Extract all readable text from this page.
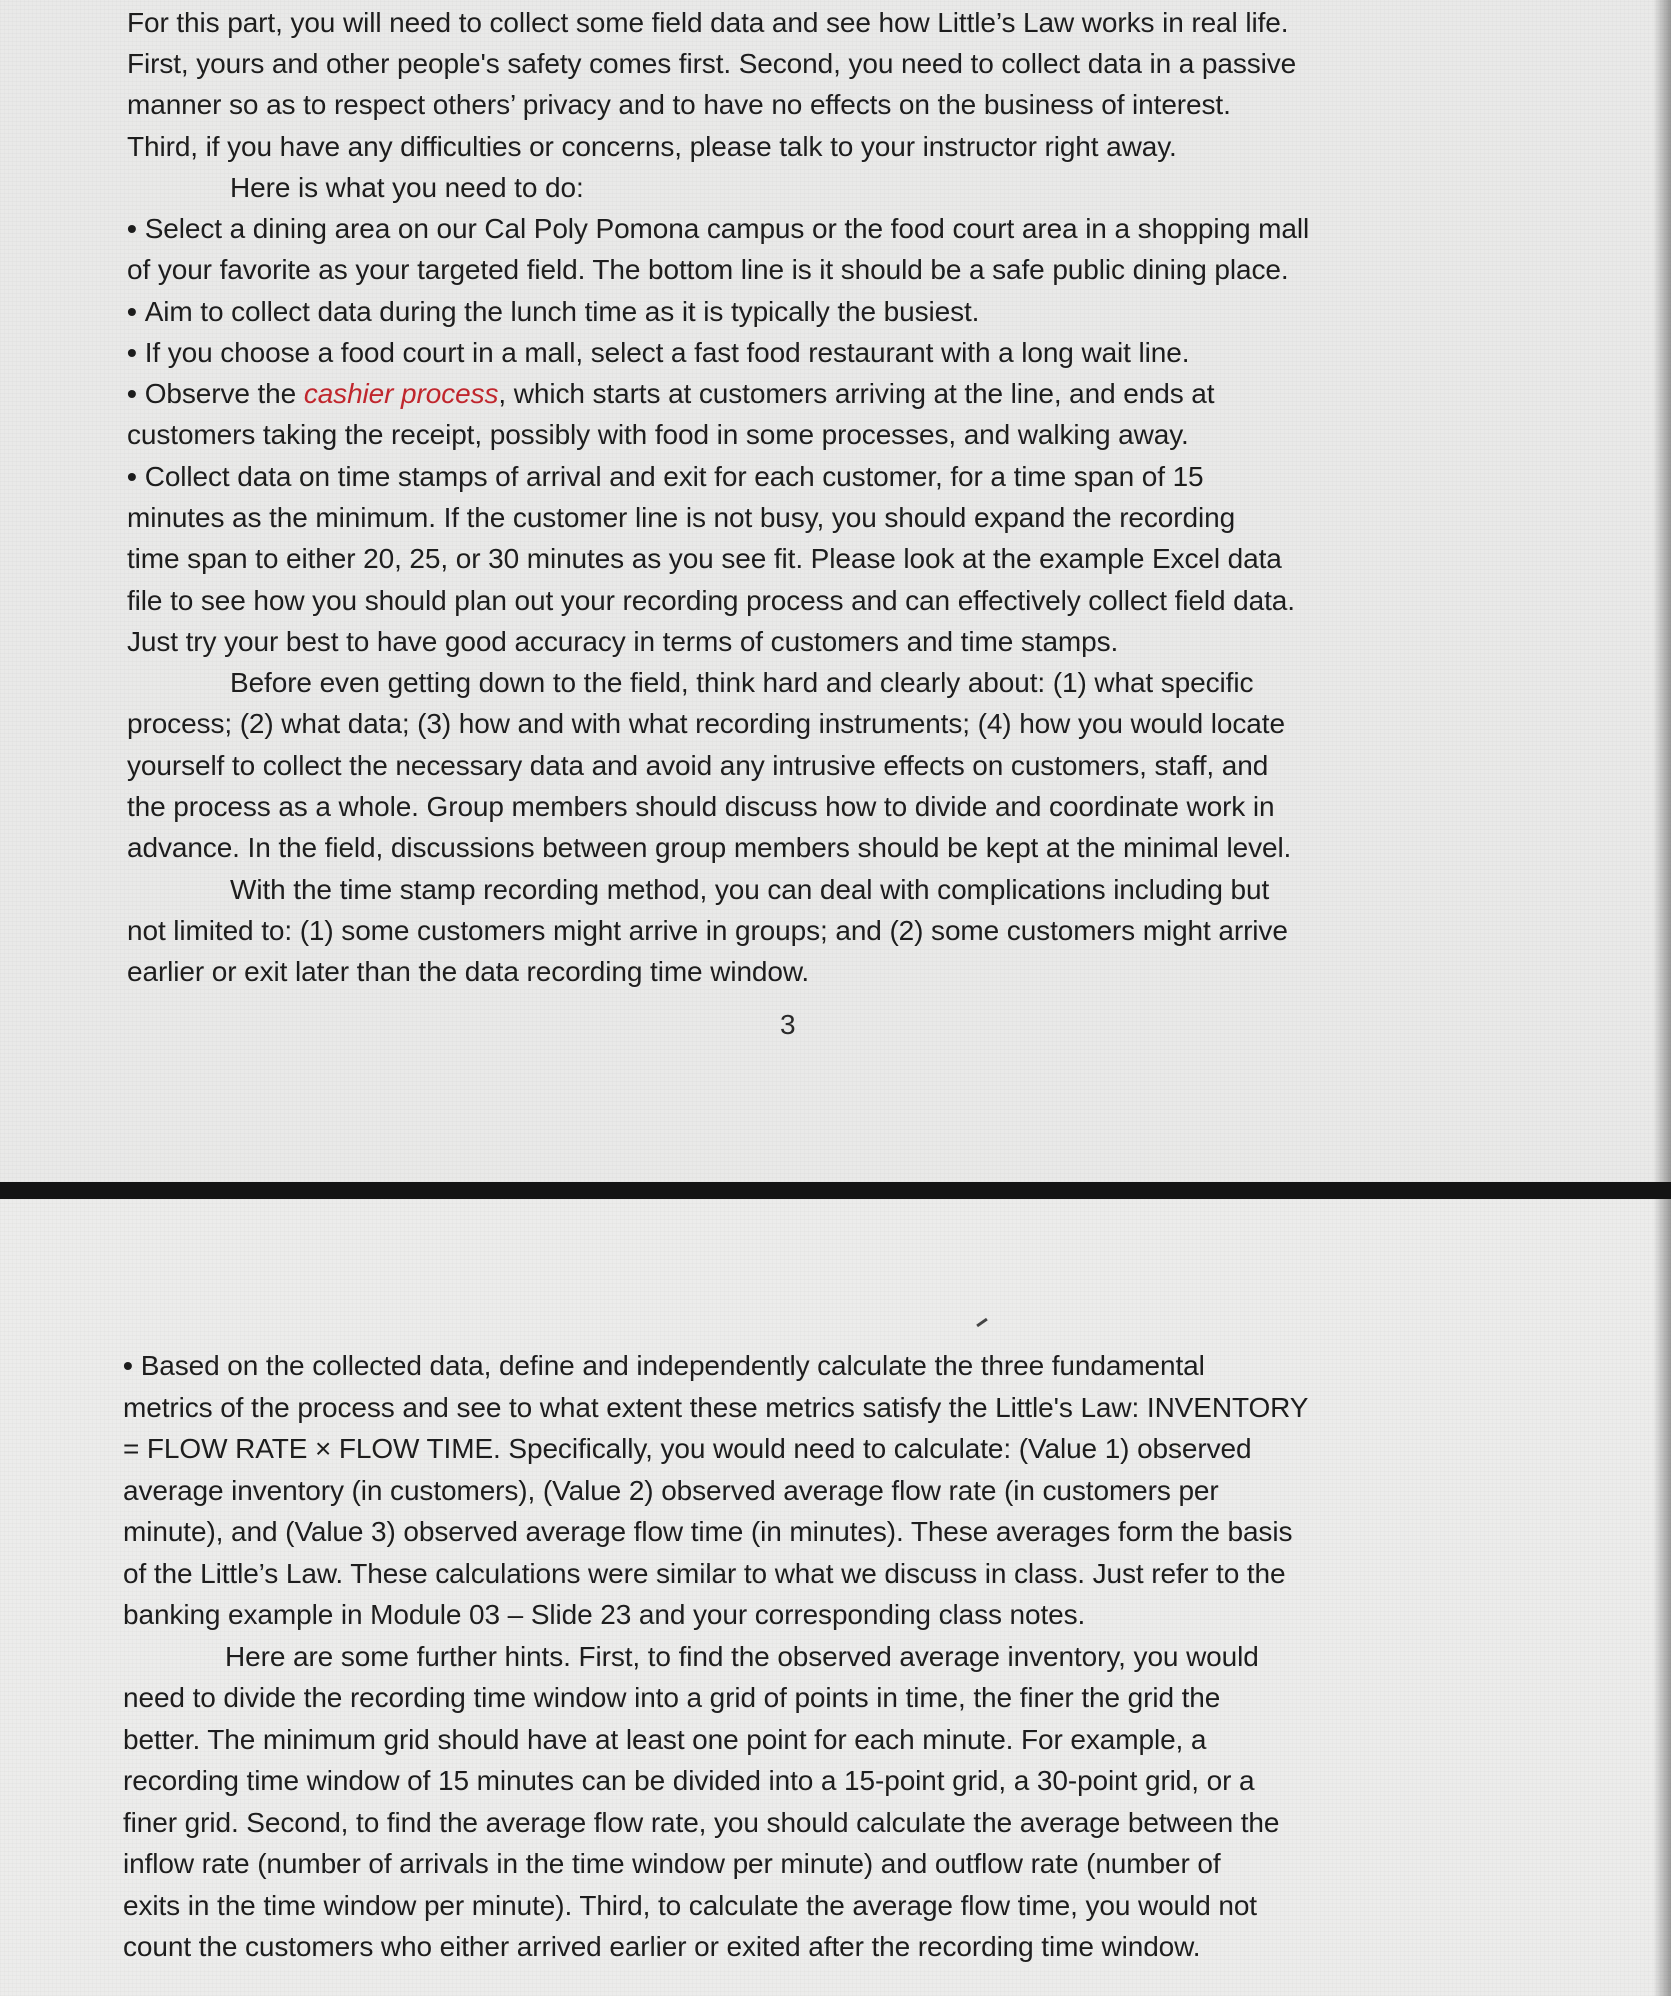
For this part, you will need to collect some field data and see how Little’s Law works in real life.
First, yours and other people's safety comes first. Second, you need to collect data in a passive
manner so as to respect others’ privacy and to have no effects on the business of interest.
Third, if you have any difficulties or concerns, please talk to your instructor right away.
Here is what you need to do:
• Select a dining area on our Cal Poly Pomona campus or the food court area in a shopping mall
of your favorite as your targeted field. The bottom line is it should be a safe public dining place.
• Aim to collect data during the lunch time as it is typically the busiest.
• If you choose a food court in a mall, select a fast food restaurant with a long wait line.
• Observe the cashier process, which starts at customers arriving at the line, and ends at
customers taking the receipt, possibly with food in some processes, and walking away.
• Collect data on time stamps of arrival and exit for each customer, for a time span of 15
minutes as the minimum. If the customer line is not busy, you should expand the recording
time span to either 20, 25, or 30 minutes as you see fit. Please look at the example Excel data
file to see how you should plan out your recording process and can effectively collect field data.
Just try your best to have good accuracy in terms of customers and time stamps.
Before even getting down to the field, think hard and clearly about: (1) what specific
process; (2) what data; (3) how and with what recording instruments; (4) how you would locate
yourself to collect the necessary data and avoid any intrusive effects on customers, staff, and
the process as a whole. Group members should discuss how to divide and coordinate work in
advance. In the field, discussions between group members should be kept at the minimal level.
With the time stamp recording method, you can deal with complications including but
not limited to: (1) some customers might arrive in groups; and (2) some customers might arrive
earlier or exit later than the data recording time window.
3
• Based on the collected data, define and independently calculate the three fundamental
metrics of the process and see to what extent these metrics satisfy the Little's Law: INVENTORY
= FLOW RATE × FLOW TIME. Specifically, you would need to calculate: (Value 1) observed
average inventory (in customers), (Value 2) observed average flow rate (in customers per
minute), and (Value 3) observed average flow time (in minutes). These averages form the basis
of the Little’s Law. These calculations were similar to what we discuss in class. Just refer to the
banking example in Module 03 – Slide 23 and your corresponding class notes.
Here are some further hints. First, to find the observed average inventory, you would
need to divide the recording time window into a grid of points in time, the finer the grid the
better. The minimum grid should have at least one point for each minute. For example, a
recording time window of 15 minutes can be divided into a 15-point grid, a 30-point grid, or a
finer grid. Second, to find the average flow rate, you should calculate the average between the
inflow rate (number of arrivals in the time window per minute) and outflow rate (number of
exits in the time window per minute). Third, to calculate the average flow time, you would not
count the customers who either arrived earlier or exited after the recording time window.
